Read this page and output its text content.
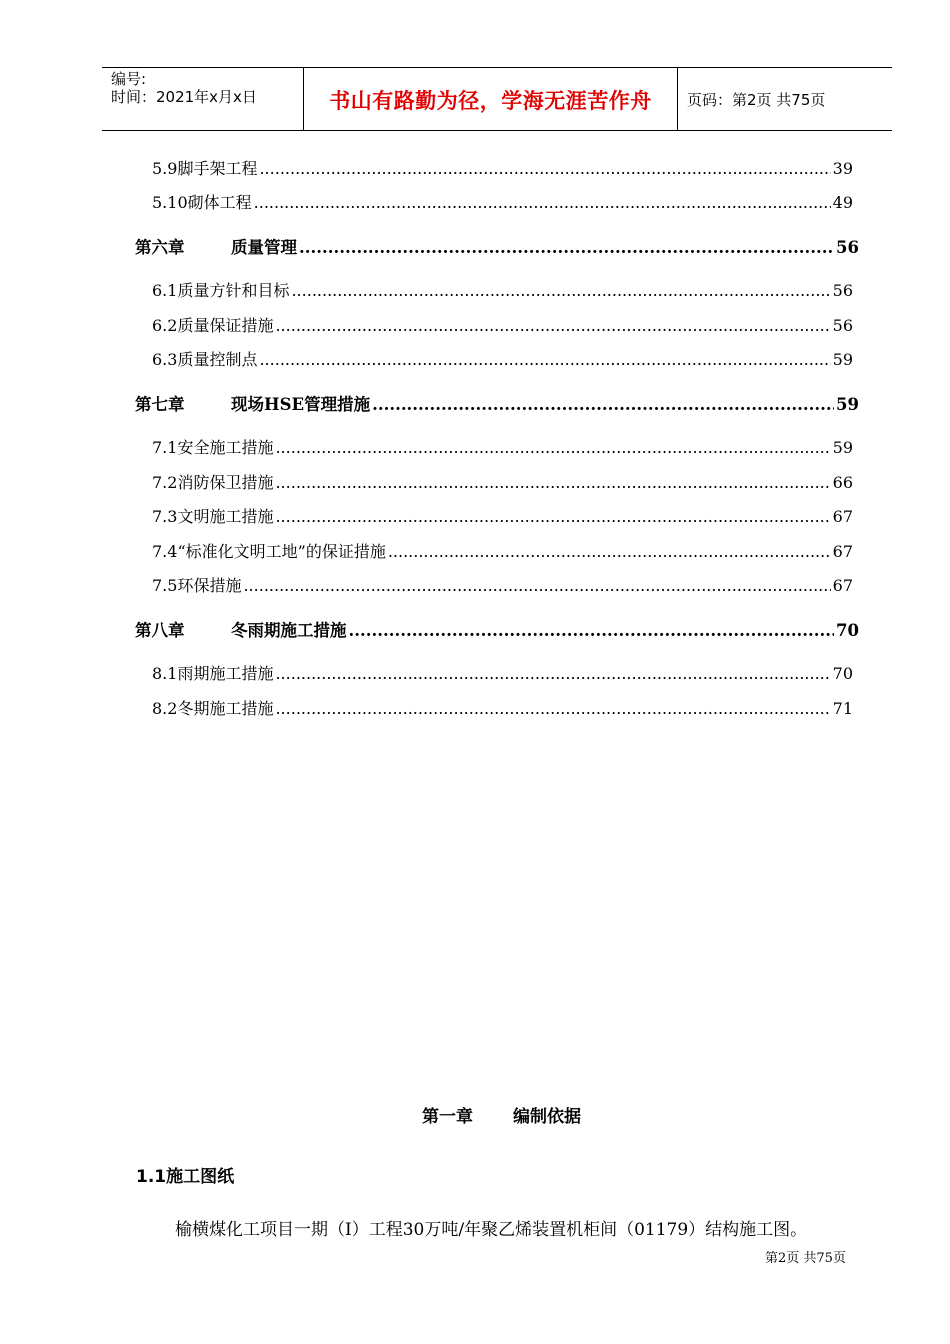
编号:
时间：2021年x月x日	书山有路勤为径，学海无涯苦作舟	页码：第2页 共75页
5.9 脚手架工程 .....	39
5.10 砌体工程 .....	49
第六章	质量管理 .....	56
6.1 质量方针和目标 .....	56
6.2 质量保证措施 .....	56
6.3 质量控制点 .....	59
第七章	现场HSE管理措施 .....	59
7.1 安全施工措施 .....	59
7.2 消防保卫措施 .....	66
7.3 文明施工措施 .....	67
7.4 “标准化文明工地”的保证措施 .....	67
7.5 环保措施 .....	67
第八章	冬雨期施工措施 .....	70
8.1 雨期施工措施 .....	70
8.2 冬期施工措施 .....	71
第一章 编制依据
1.1施工图纸
榆横煤化工项目一期（I）工程30万吨/年聚乙烯装置机柜间（01179）结构施工图。
第2页 共75页
